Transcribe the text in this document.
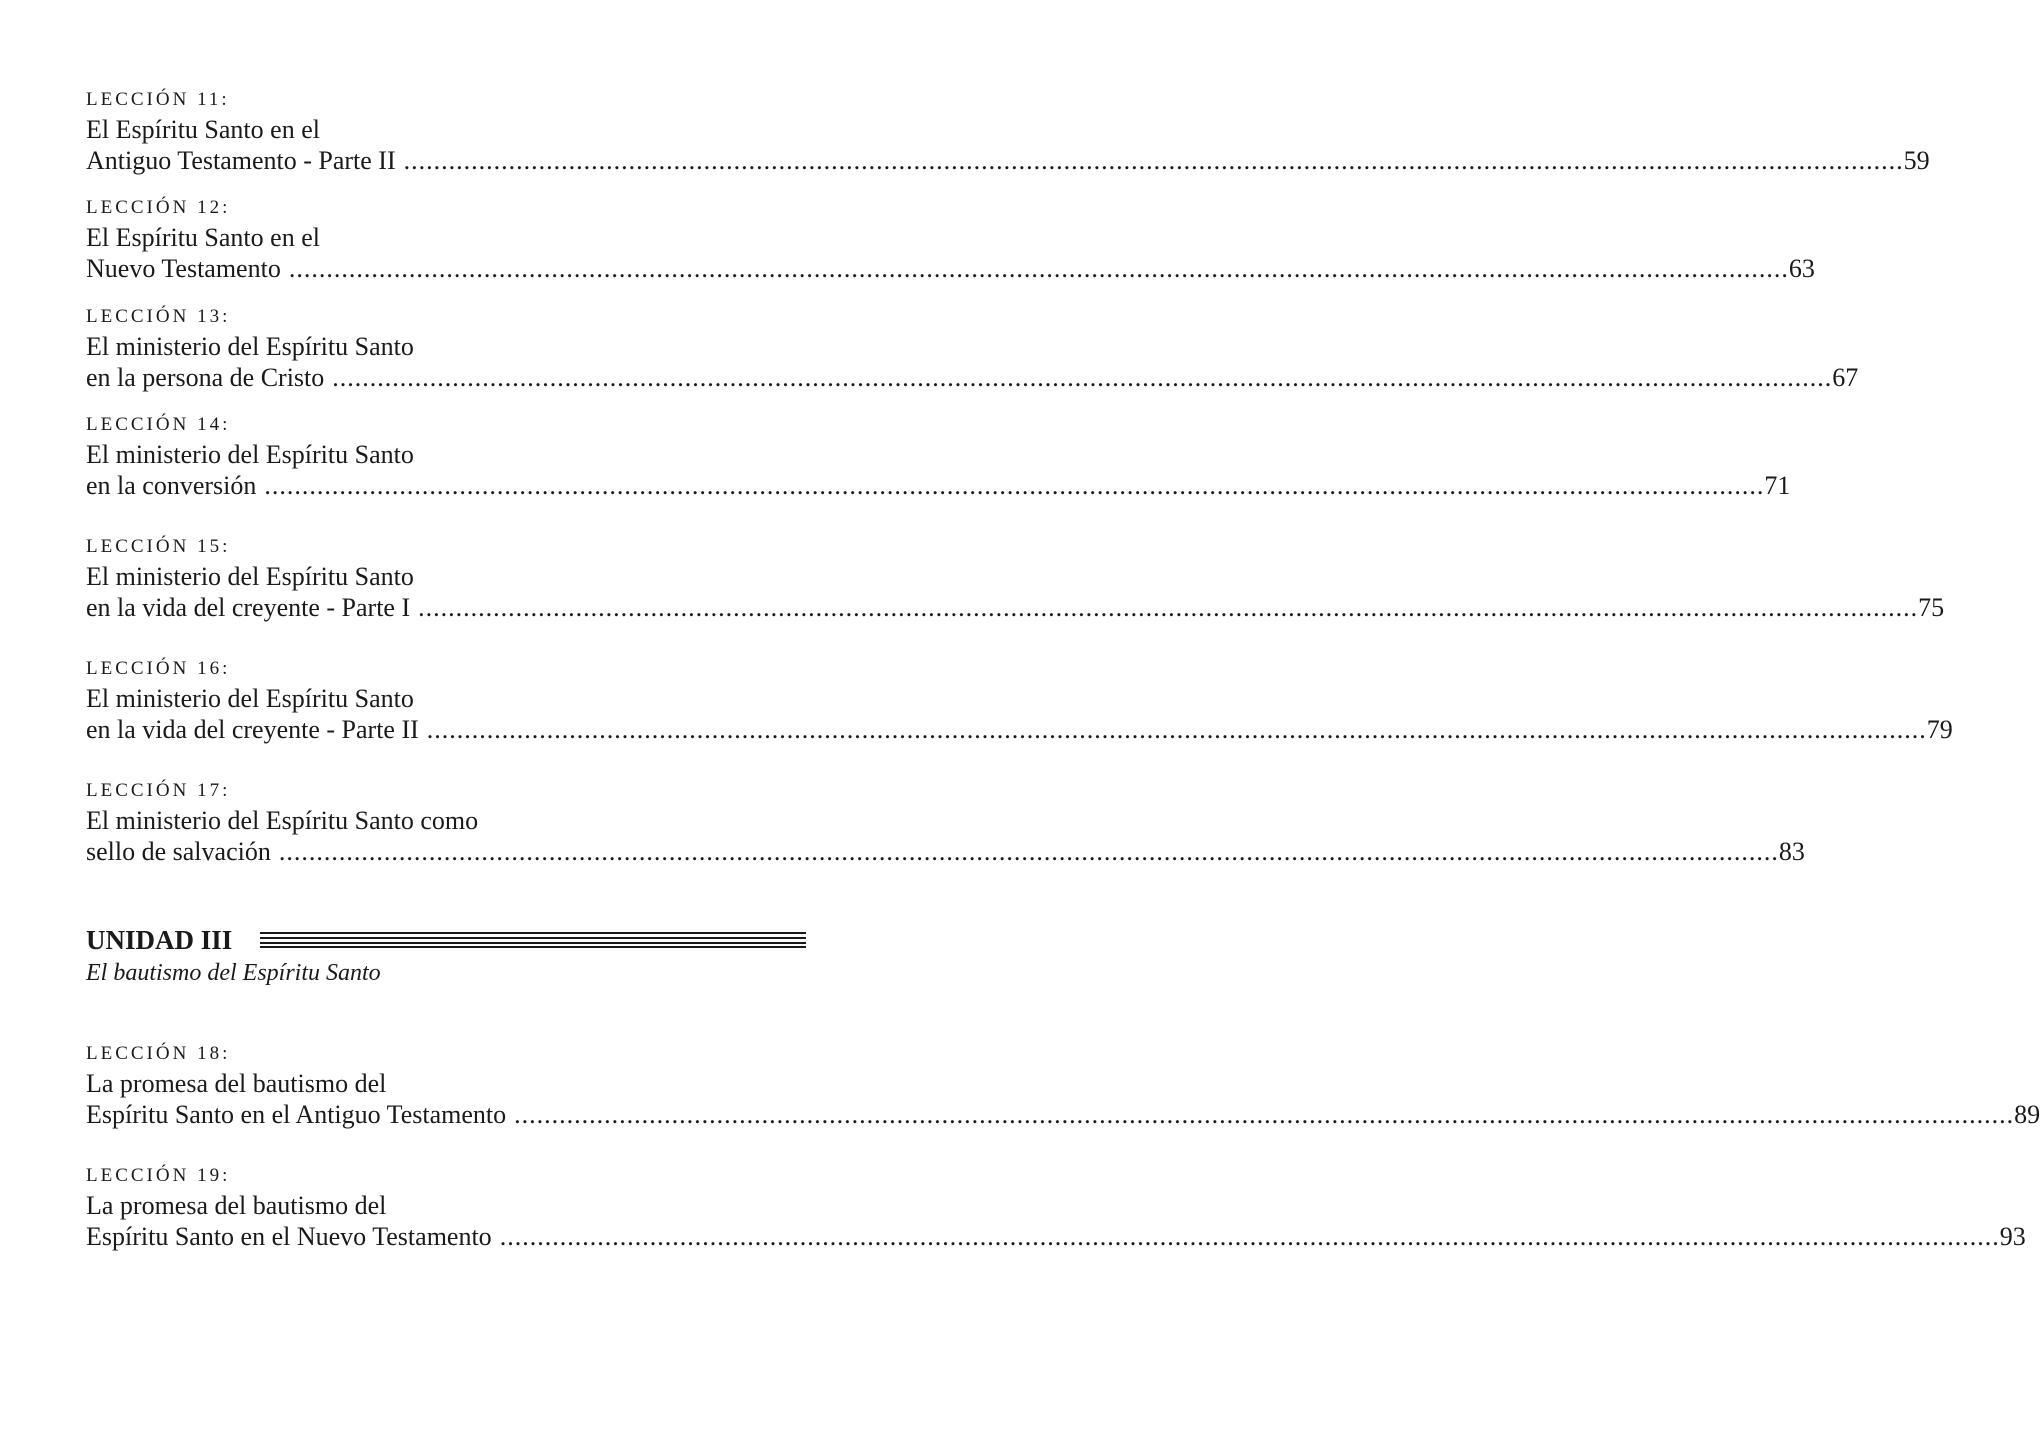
LECCIÓN 11:
El Espíritu Santo en el
Antiguo Testamento - Parte II ........................................................................................................................................................................................................ 59
LECCIÓN 12:
El Espíritu Santo en el
Nuevo Testamento ........................................................................................................................................................................................................ 63
LECCIÓN 13:
El ministerio del Espíritu Santo
en la persona de Cristo ........................................................................................................................................................................................................ 67
LECCIÓN 14:
El ministerio del Espíritu Santo
en la conversión ........................................................................................................................................................................................................ 71
LECCIÓN 15:
El ministerio del Espíritu Santo
en la vida del creyente - Parte I ........................................................................................................................................................................................................ 75
LECCIÓN 16:
El ministerio del Espíritu Santo
en la vida del creyente - Parte II ........................................................................................................................................................................................................ 79
LECCIÓN 17:
El ministerio del Espíritu Santo como
sello de salvación ........................................................................................................................................................................................................ 83
UNIDAD III
El bautismo del Espíritu Santo
LECCIÓN 18:
La promesa del bautismo del
Espíritu Santo en el Antiguo Testamento ........................................................................................................................................................................................................ 89
LECCIÓN 19:
La promesa del bautismo del
Espíritu Santo en el Nuevo Testamento ........................................................................................................................................................................................................ 93
